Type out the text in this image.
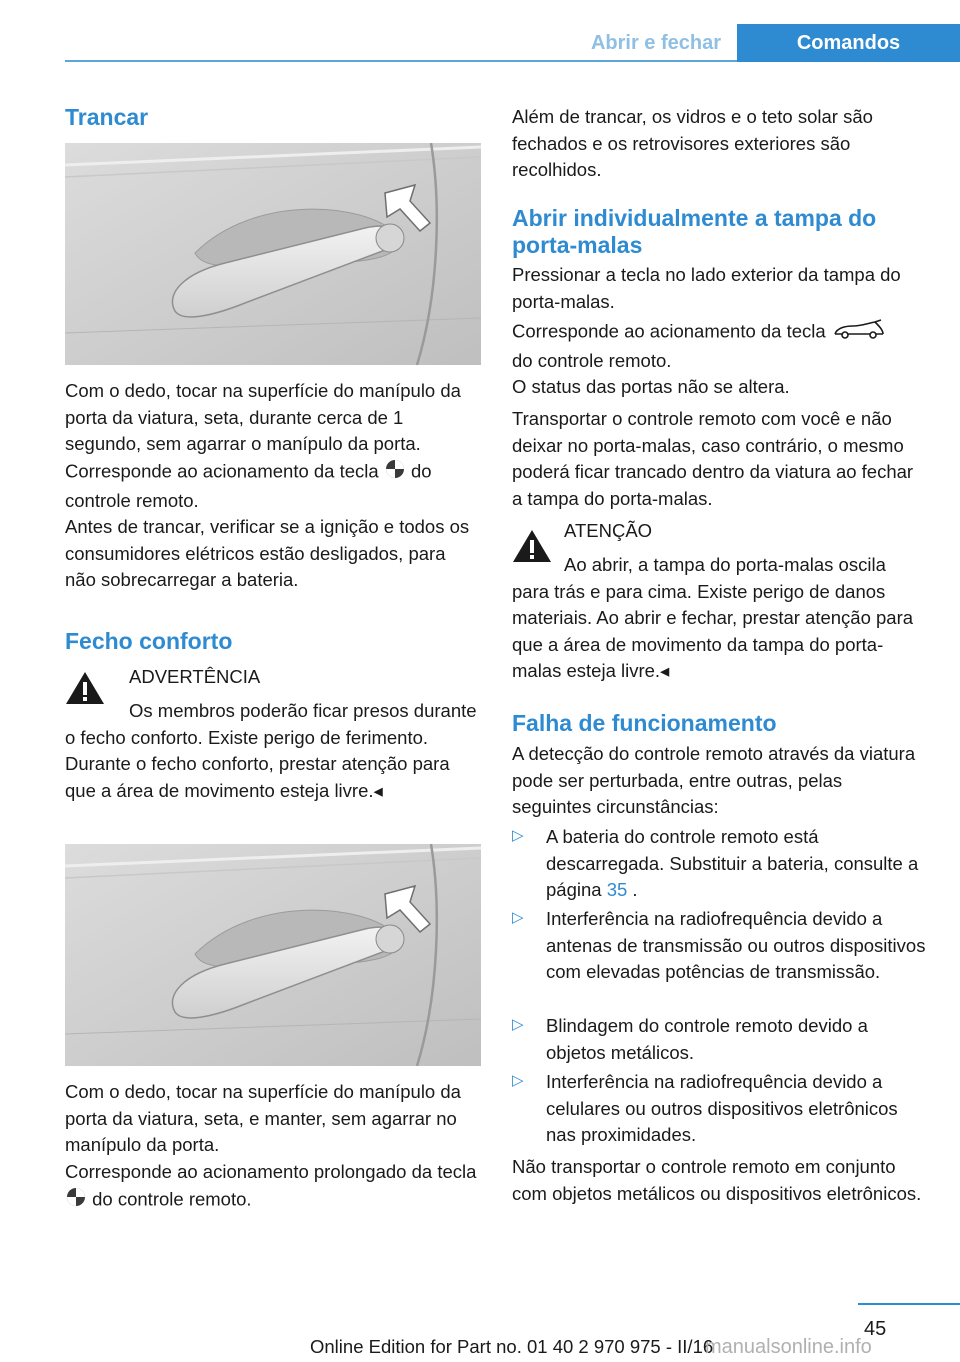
Abrir e fechar	Comandos
Trancar

Com o dedo, tocar na superfície do manípulo da porta da viatura, seta, durante cerca de 1 segundo, sem agarrar o manípulo da porta.

Corresponde ao acionamento da tecla do controle remoto.

Antes de trancar, verificar se a ignição e todos os consumidores elétricos estão desligados, para não sobrecarregar a bateria.

Fecho conforto

ADVERTÊNCIA

Os membros poderão ficar presos durante o fecho conforto. Existe perigo de ferimento. Durante o fecho conforto, prestar atenção para que a área de movimento esteja livre.◂

Com o dedo, tocar na superfície do manípulo da porta da viatura, seta, e manter, sem agarrar no manípulo da porta.

Corresponde ao acionamento prolongado da tecla  do controle remoto.

Além de trancar, os vidros e o teto solar são fechados e os retrovisores exteriores são recolhidos.

Abrir individualmente a tampa do porta-malas

Pressionar a tecla no lado exterior da tampa do porta-malas.

Corresponde ao acionamento da tecla
do controle remoto.

O status das portas não se altera.

Transportar o controle remoto com você e não deixar no porta-malas, caso contrário, o mesmo poderá ficar trancado dentro da viatura ao fechar a tampa do porta-malas.

ATENÇÃO

Ao abrir, a tampa do porta-malas oscila para trás e para cima. Existe perigo de danos materiais. Ao abrir e fechar, prestar atenção para que a área de movimento da tampa do porta-malas esteja livre.◂

Falha de funcionamento

A detecção do controle remoto através da viatura pode ser perturbada, entre outras, pelas seguintes circunstâncias:

▷ A bateria do controle remoto está descarregada. Substituir a bateria, consulte a página 35 .

▷ Interferência na radiofrequência devido a antenas de transmissão ou outros dispositivos com elevadas potências de transmissão.

▷ Blindagem do controle remoto devido a objetos metálicos.

▷ Interferência na radiofrequência devido a celulares ou outros dispositivos eletrônicos nas proximidades.

Não transportar o controle remoto em conjunto com objetos metálicos ou dispositivos eletrônicos.

45
Online Edition for Part no. 01 40 2 970 975 - II/16
manualsonline.info
